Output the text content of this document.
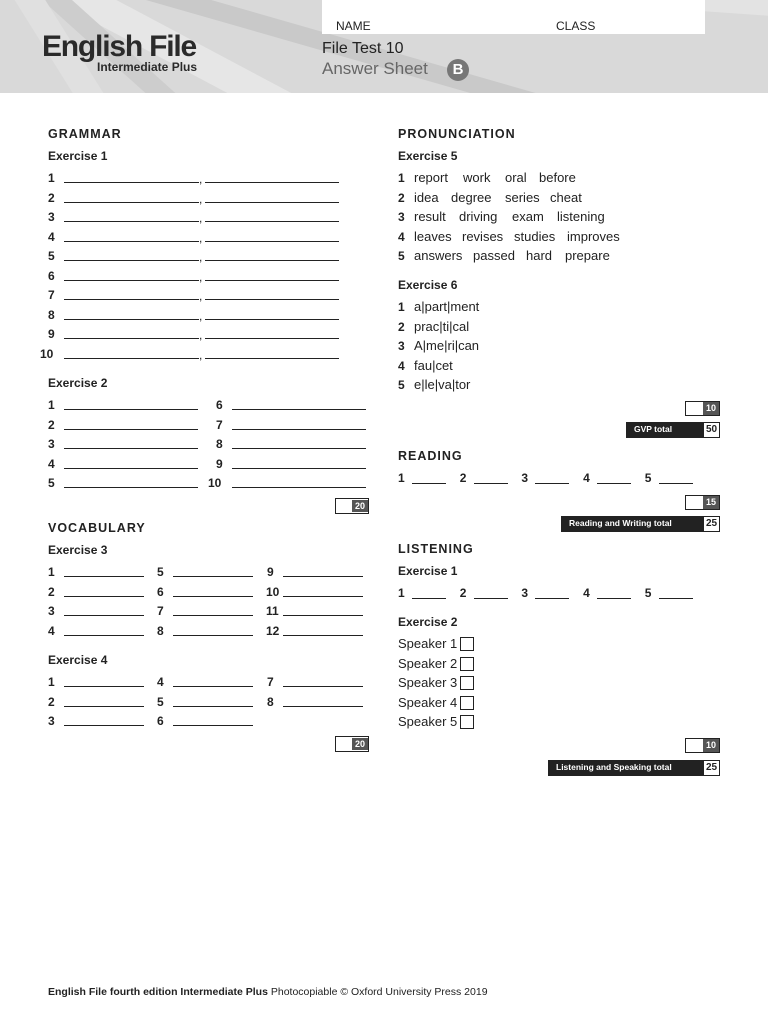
English File
Intermediate Plus
NAME	CLASS
File Test 10
Answer Sheet	B
GRAMMAR
Exercise 1
1	,
2	,
3	,
4	,
5	,
6	,
7	,
8	,
9	,
10	,
Exercise 2
1
2
3
4
5
6
7
8
9
10
20
VOCABULARY
Exercise 3
1
2
3
4
5
6
7
8
9
10
11
12
Exercise 4
1
2
3
4
5
6
7
8
20
PRONUNCIATION
Exercise 5
1 report work oral before
2 idea degree series cheat
3 result driving exam listening
4 leaves revises studies improves
5 answers passed hard prepare
Exercise 6
1 a|part|ment
2 prac|ti|cal
3 A|me|ri|can
4 fau|cet
5 e|le|va|tor
10
GVP total	50
READING
1	2	3	4	5
15
Reading and Writing total	25
LISTENING
Exercise 1
1	2	3	4	5
Exercise 2
Speaker 1
Speaker 2
Speaker 3
Speaker 4
Speaker 5
10
Listening and Speaking total	25
English File fourth edition Intermediate Plus Photocopiable © Oxford University Press 2019
